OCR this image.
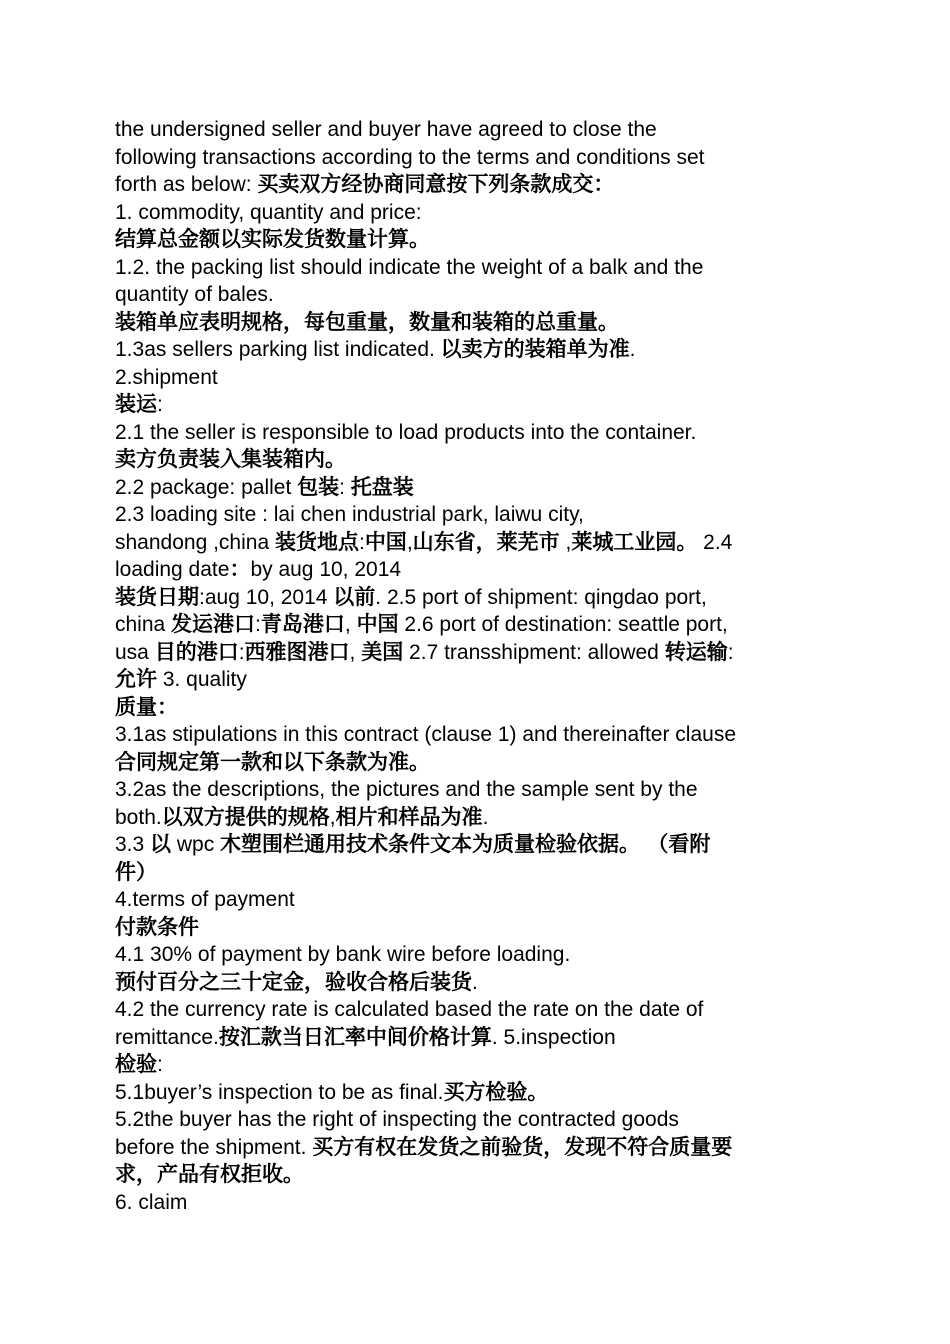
the undersigned seller and buyer have agreed to close the
following transactions according to the terms and conditions set
forth as below: 买卖双方经协商同意按下列条款成交：
1. commodity, quantity and price:
结算总金额以实际发货数量计算。
1.2. the packing list should indicate the weight of a balk and the
quantity of bales.
装箱单应表明规格，每包重量，数量和装箱的总重量。
1.3as sellers parking list indicated. 以卖方的装箱单为准.
2.shipment
装运:
2.1 the seller is responsible to load products into the container.
卖方负责装入集装箱内。
2.2 package: pallet 包装: 托盘装
2.3 loading site : lai chen industrial park, laiwu city,
shandong ,china 装货地点:中国,山东省，莱芜市 ,莱城工业园。 2.4
loading date：by aug 10, 2014
装货日期:aug 10, 2014 以前. 2.5 port of shipment: qingdao port,
china 发运港口:青岛港口, 中国 2.6 port of destination: seattle port,
usa 目的港口:西雅图港口, 美国 2.7 transshipment: allowed 转运输:
允许 3. quality
质量：
3.1as stipulations in this contract (clause 1) and thereinafter clause
合同规定第一款和以下条款为准。
3.2as the descriptions, the pictures and the sample sent by the
both.以双方提供的规格,相片和样品为准.
3.3 以 wpc 木塑围栏通用技术条件文本为质量检验依据。 （看附
件）
4.terms of payment
付款条件
4.1 30% of payment by bank wire before loading.
预付百分之三十定金，验收合格后装货.
4.2 the currency rate is calculated based the rate on the date of
remittance.按汇款当日汇率中间价格计算. 5.inspection
检验:
5.1buyer’s inspection to be as final.买方检验。
5.2the buyer has the right of inspecting the contracted goods
before the shipment. 买方有权在发货之前验货，发现不符合质量要
求，产品有权拒收。
6. claim
